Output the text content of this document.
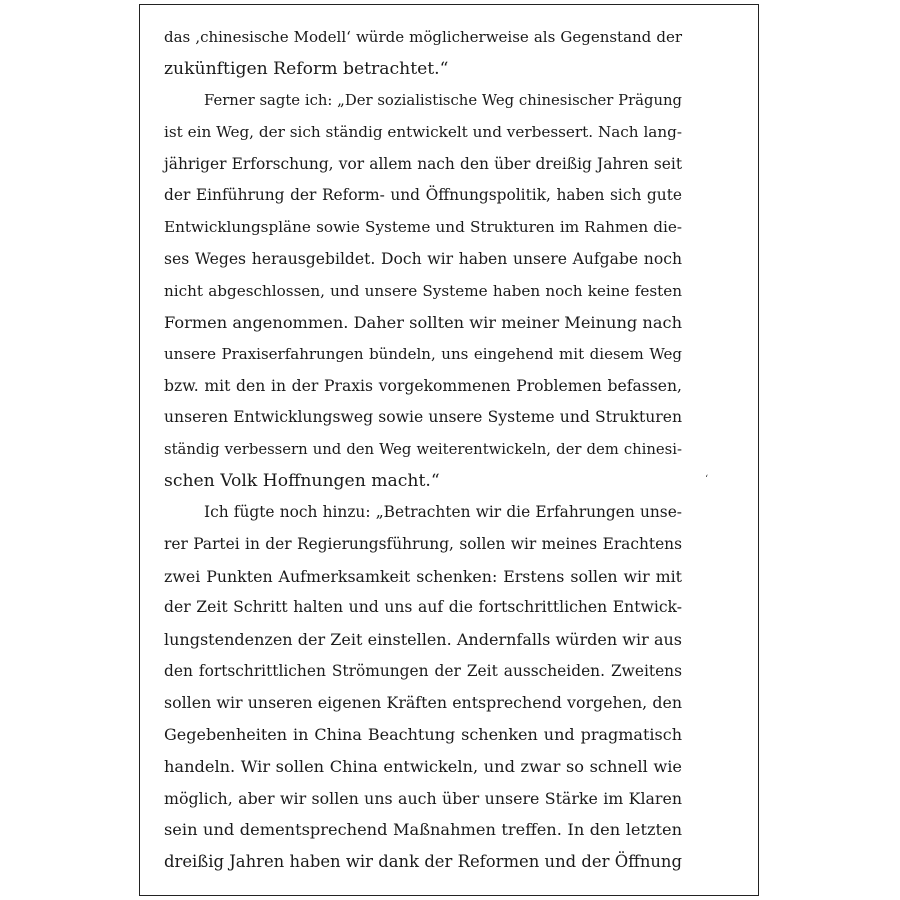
das ‚chinesische Modell‘ würde möglicherweise als Gegenstand der
zukünftigen Reform betrachtet.“
Ferner sagte ich: „Der sozialistische Weg chinesischer Prägung
ist ein Weg, der sich ständig entwickelt und verbessert. Nach lang-
jähriger Erforschung, vor allem nach den über dreißig Jahren seit
der Einführung der Reform- und Öffnungspolitik, haben sich gute
Entwicklungspläne sowie Systeme und Strukturen im Rahmen die-
ses Weges herausgebildet. Doch wir haben unsere Aufgabe noch
nicht abgeschlossen, und unsere Systeme haben noch keine festen
Formen angenommen. Daher sollten wir meiner Meinung nach
unsere Praxiserfahrungen bündeln, uns eingehend mit diesem Weg
bzw. mit den in der Praxis vorgekommenen Problemen befassen,
unseren Entwicklungsweg sowie unsere Systeme und Strukturen
ständig verbessern und den Weg weiterentwickeln, der dem chinesi-
schen Volk Hoffnungen macht.“
Ich fügte noch hinzu: „Betrachten wir die Erfahrungen unse-
rer Partei in der Regierungsführung, sollen wir meines Erachtens
zwei Punkten Aufmerksamkeit schenken: Erstens sollen wir mit
der Zeit Schritt halten und uns auf die fortschrittlichen Entwick-
lungstendenzen der Zeit einstellen. Andernfalls würden wir aus
den fortschrittlichen Strömungen der Zeit ausscheiden. Zweitens
sollen wir unseren eigenen Kräften entsprechend vorgehen, den
Gegebenheiten in China Beachtung schenken und pragmatisch
handeln. Wir sollen China entwickeln, und zwar so schnell wie
möglich, aber wir sollen uns auch über unsere Stärke im Klaren
sein und dementsprechend Maßnahmen treffen. In den letzten
dreißig Jahren haben wir dank der Reformen und der Öffnung
‘
